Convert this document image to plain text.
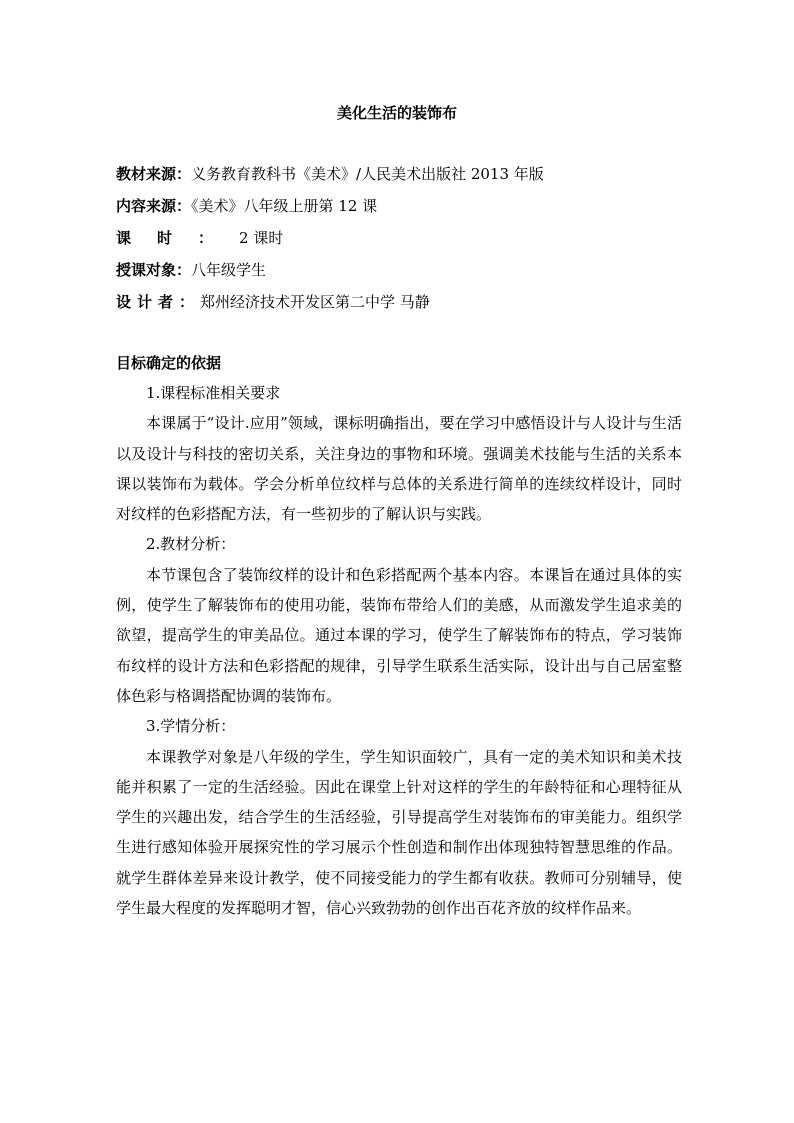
美化生活的装饰布
教材来源：义务教育教科书《美术》/人民美术出版社 2013 年版
内容来源：《美术》八年级上册第 12 课
课时：2 课时
授课对象：八年级学生
设计者：郑州经济技术开发区第二中学 马静
目标确定的依据
1.课程标准相关要求

本课属于“设计.应用”领域，课标明确指出，要在学习中感悟设计与人设计与生活以及设计与科技的密切关系，关注身边的事物和环境。强调美术技能与生活的关系本课以装饰布为载体。学会分析单位纹样与总体的关系进行简单的连续纹样设计，同时对纹样的色彩搭配方法，有一些初步的了解认识与实践。

2.教材分析：

本节课包含了装饰纹样的设计和色彩搭配两个基本内容。本课旨在通过具体的实例，使学生了解装饰布的使用功能，装饰布带给人们的美感，从而激发学生追求美的欲望，提高学生的审美品位。通过本课的学习，使学生了解装饰布的特点，学习装饰布纹样的设计方法和色彩搭配的规律，引导学生联系生活实际，设计出与自己居室整体色彩与格调搭配协调的装饰布。

3.学情分析：

本课教学对象是八年级的学生，学生知识面较广，具有一定的美术知识和美术技能并积累了一定的生活经验。因此在课堂上针对这样的学生的年龄特征和心理特征从学生的兴趣出发，结合学生的生活经验，引导提高学生对装饰布的审美能力。组织学生进行感知体验开展探究性的学习展示个性创造和制作出体现独特智慧思维的作品。就学生群体差异来设计教学，使不同接受能力的学生都有收获。教师可分别辅导，使学生最大程度的发挥聪明才智，信心兴致勃勃的创作出百花齐放的纹样作品来。
